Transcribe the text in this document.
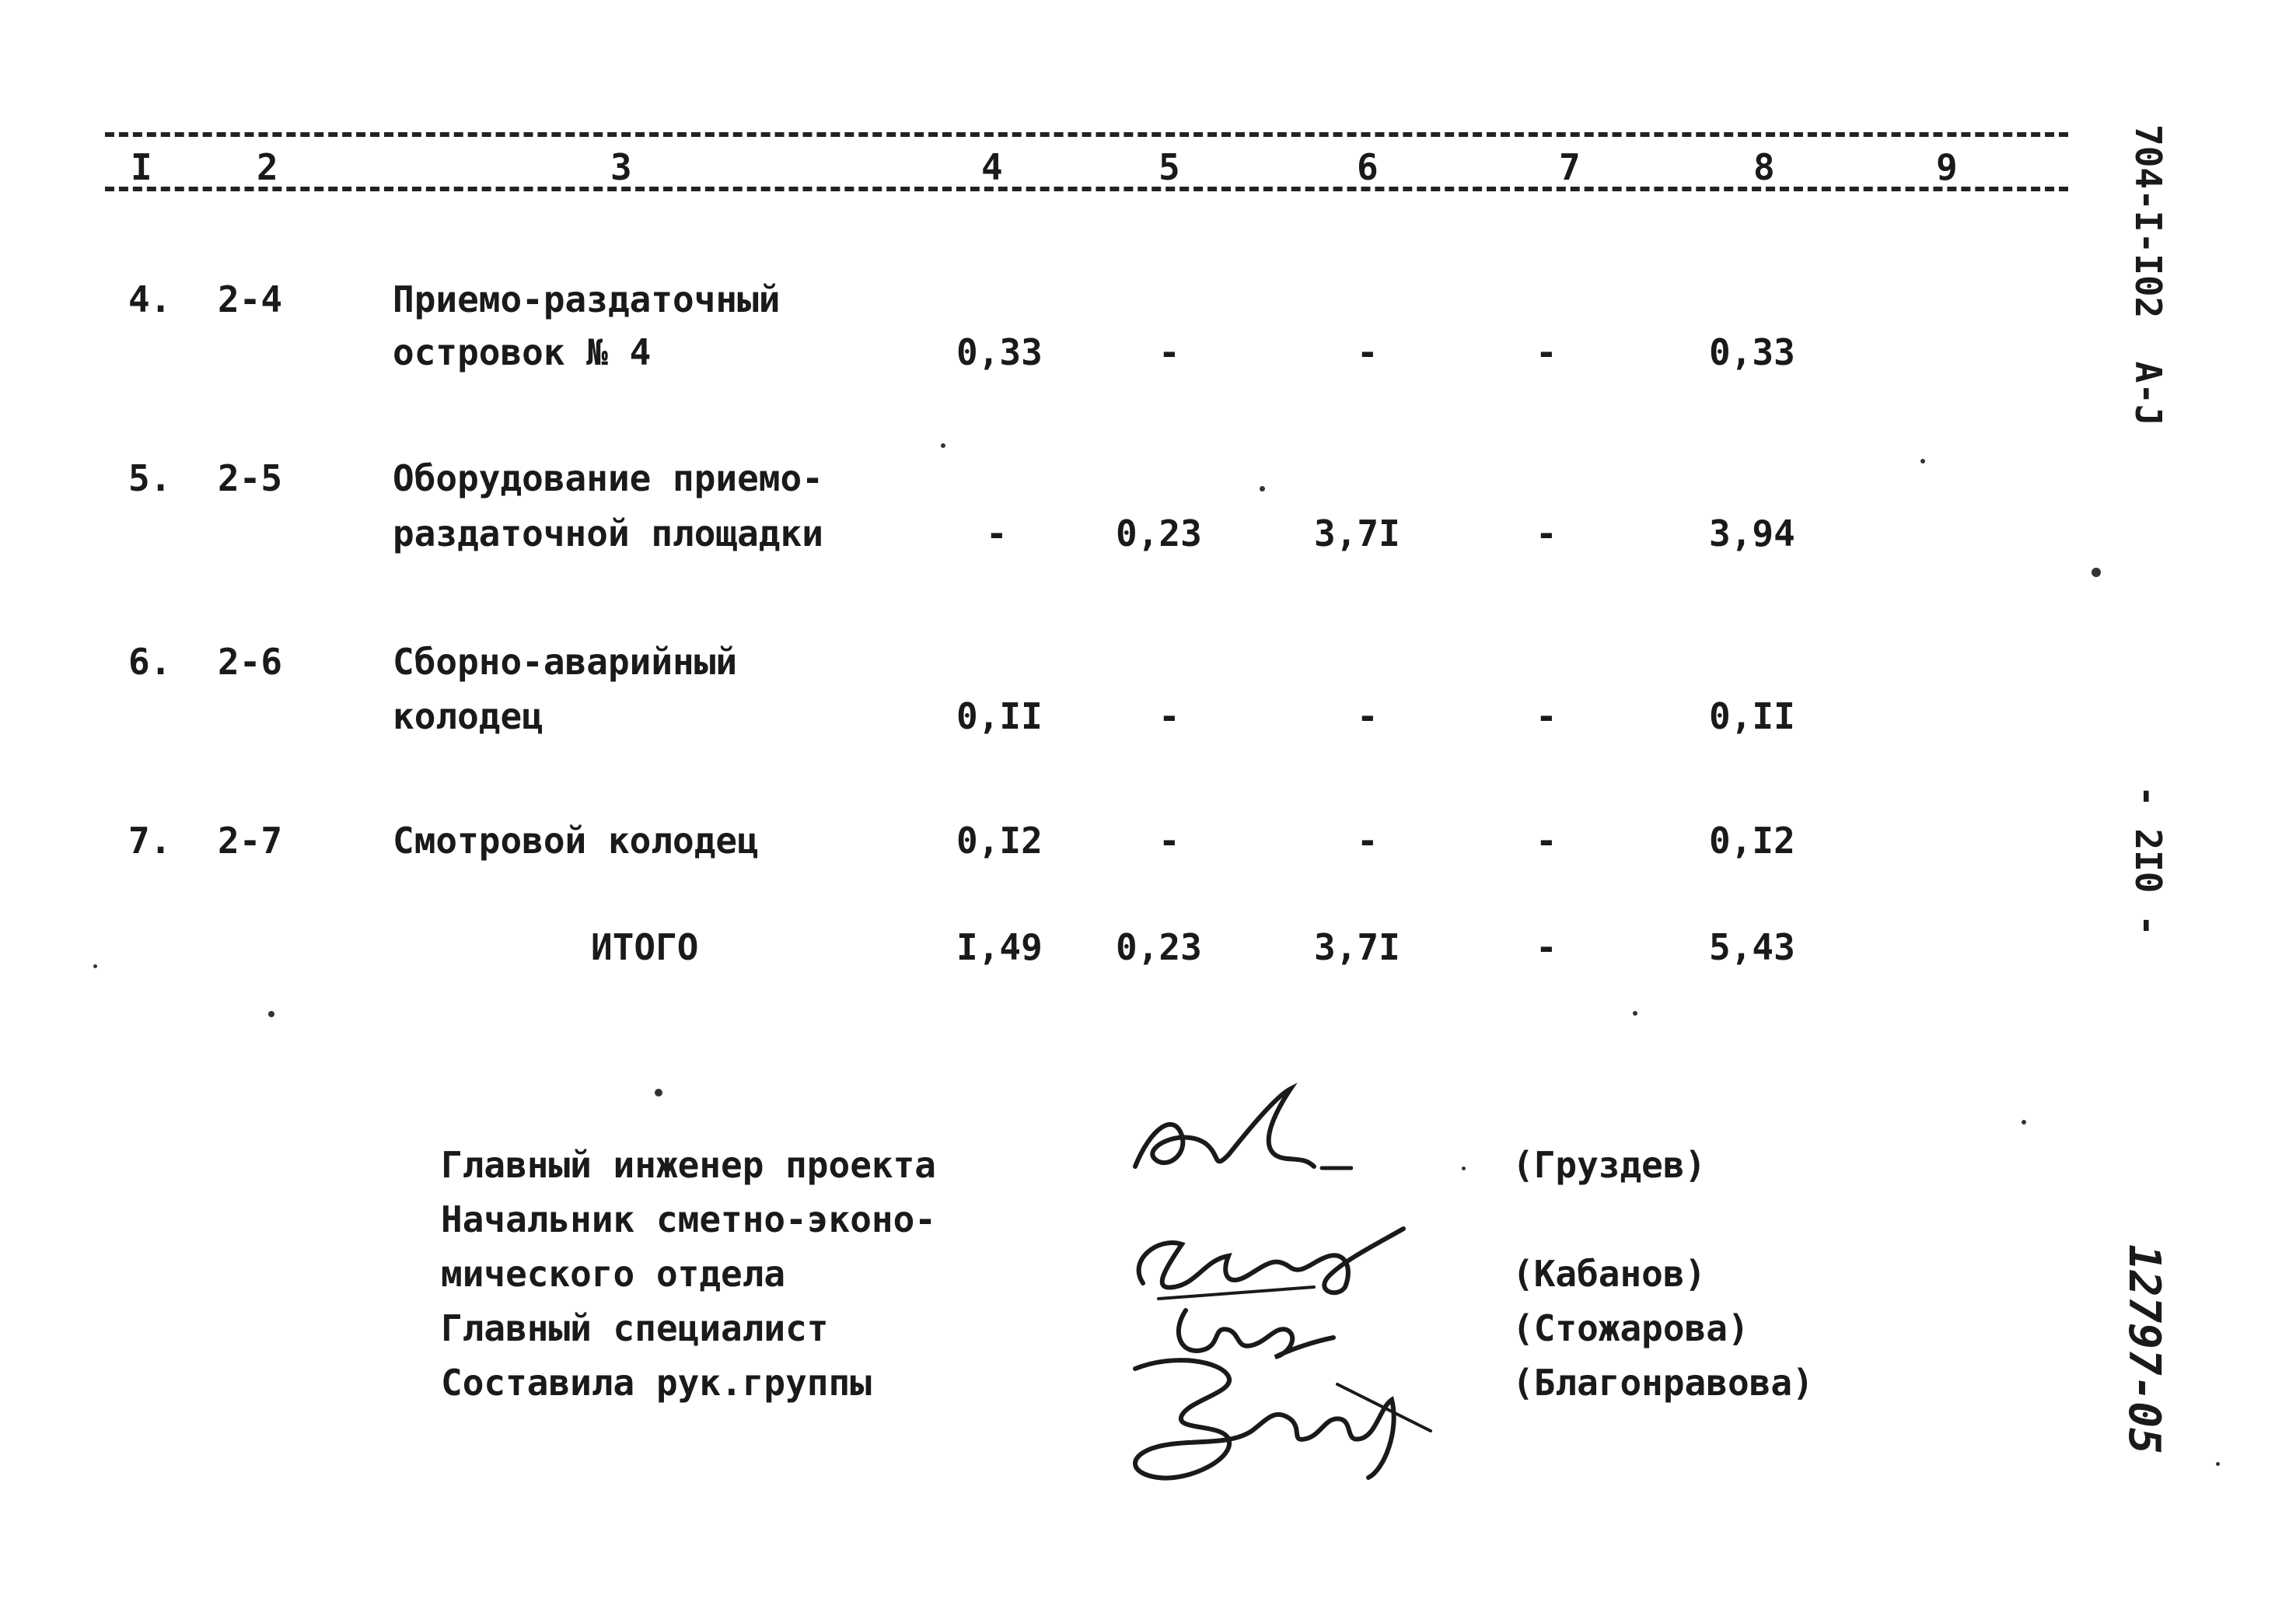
I	2	3	4	5	6	7	8	9
4. 2-4	Приемо-раздаточный
островок № 4	0,33	-	-	-	0,33
5. 2-5	Оборудование приемо-
раздаточной площадки	-	0,23	3,7I	-	3,94
6. 2-6	Сборно-аварийный
колодец	0,II	-	-	-	0,II
7. 2-7	Смотровой колодец	0,I2	-	-	-	0,I2
ИТОГО	I,49 0,23	3,7I	-	5,43
Главный инженер проекта
Начальник сметно-эконо-
мического отдела
Главный специалист
Составила рук.группы
(Груздев)
(Кабанов)
(Стожарова)
(Благонравова)
704-I-I02  A-J
- 2I0 -
12797-05
